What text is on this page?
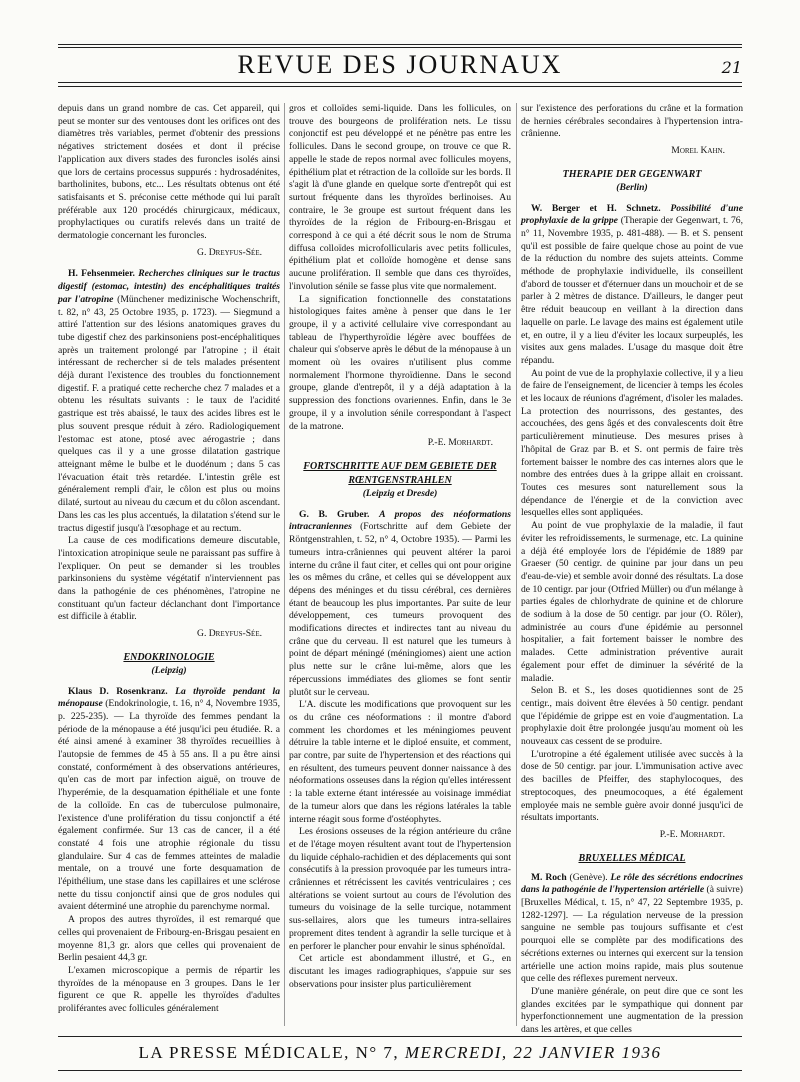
REVUE DES JOURNAUX	21

depuis dans un grand nombre de cas. Cet appareil, qui peut se monter sur des ventouses dont les orifices ont des diamètres très variables, permet d'obtenir des pressions négatives strictement dosées et dont il précise l'application aux divers stades des furoncles isolés ainsi que lors de certains processus suppurés : hydrosadénites, bartholinites, bubons, etc... Les résultats obtenus ont été satisfaisants et S. préconise cette méthode qui lui paraît préférable aux 120 procédés chirurgicaux, médicaux, prophylactiques ou curatifs relevés dans un traité de dermatologie concernant les furoncles.

G. Dreyfus-Sée.

H. Fehsenmeier. Recherches cliniques sur le tractus digestif (estomac, intestin) des encéphalitiques traités par l'atropine (Münchener medizinische Wochenschrift, t. 82, n° 43, 25 Octobre 1935, p. 1723). — Siegmund a attiré l'attention sur des lésions anatomiques graves du tube digestif chez des parkinsoniens post-encéphalitiques après un traitement prolongé par l'atropine ; il était intéressant de rechercher si de tels malades présentent déjà durant l'existence des troubles du fonctionnement digestif. F. a pratiqué cette recherche chez 7 malades et a obtenu les résultats suivants : le taux de l'acidité gastrique est très abaissé, le taux des acides libres est le plus souvent presque réduit à zéro. Radiologiquement l'estomac est atone, ptosé avec aérogastrie ; dans quelques cas il y a une grosse dilatation gastrique atteignant même le bulbe et le duodénum ; dans 5 cas l'évacuation était très retardée. L'intestin grêle est généralement rempli d'air, le côlon est plus ou moins dilaté, surtout au niveau du cæcum et du côlon ascendant. Dans les cas les plus accentués, la dilatation s'étend sur le tractus digestif jusqu'à l'œsophage et au rectum.

La cause de ces modifications demeure discutable, l'intoxication atropinique seule ne paraissant pas suffire à l'expliquer. On peut se demander si les troubles parkinsoniens du système végétatif n'interviennent pas dans la pathogénie de ces phénomènes, l'atropine ne constituant qu'un facteur déclanchant dont l'importance est difficile à établir.

G. Dreyfus-Sée.
ENDOKRINOLOGIE
(Leipzig)

Klaus D. Rosenkranz. La thyroïde pendant la ménopause (Endokrinologie, t. 16, n° 4, Novembre 1935, p. 225-235). — La thyroïde des femmes pendant la période de la ménopause a été jusqu'ici peu étudiée. R. a été ainsi amené à examiner 38 thyroïdes recueillies à l'autopsie de femmes de 45 à 55 ans. Il a pu être ainsi constaté, conformément à des observations antérieures, qu'en cas de mort par infection aiguë, on trouve de l'hyperémie, de la desquamation épithéliale et une fonte de la colloïde. En cas de tuberculose pulmonaire, l'existence d'une prolifération du tissu conjonctif a été également confirmée. Sur 13 cas de cancer, il a été constaté 4 fois une atrophie régionale du tissu glandulaire. Sur 4 cas de femmes atteintes de maladie mentale, on a trouvé une forte desquamation de l'épithélium, une stase dans les capillaires et une sclérose nette du tissu conjonctif ainsi que de gros nodules qui avaient déterminé une atrophie du parenchyme normal.

A propos des autres thyroïdes, il est remarqué que celles qui provenaient de Fribourg-en-Brisgau pesaient en moyenne 81,3 gr. alors que celles qui provenaient de Berlin pesaient 44,3 gr.

L'examen microscopique a permis de répartir les thyroïdes de la ménopause en 3 groupes. Dans le 1er figurent ce que R. appelle les thyroïdes d'adultes proliférantes avec follicules généralement

gros et colloïdes semi-liquide. Dans les follicules, on trouve des bourgeons de prolifération nets. Le tissu conjonctif est peu développé et ne pénètre pas entre les follicules. Dans le second groupe, on trouve ce que R. appelle le stade de repos normal avec follicules moyens, épithélium plat et rétraction de la colloïde sur les bords. Il s'agit là d'une glande en quelque sorte d'entrepôt qui est surtout fréquente dans les thyroïdes berlinoises. Au contraire, le 3e groupe est surtout fréquent dans les thyroïdes de la région de Fribourg-en-Brisgau et correspond à ce qui a été décrit sous le nom de Struma diffusa colloïdes microfollicularis avec petits follicules, épithélium plat et colloïde homogène et dense sans aucune prolifération. Il semble que dans ces thyroïdes, l'involution sénile se fasse plus vite que normalement.

La signification fonctionnelle des constatations histologiques faites amène à penser que dans le 1er groupe, il y a activité cellulaire vive correspondant au tableau de l'hyperthyroïdie légère avec bouffées de chaleur qui s'observe après le début de la ménopause à un moment où les ovaires n'utilisent plus comme normalement l'hormone thyroïdienne. Dans le second groupe, glande d'entrepôt, il y a déjà adaptation à la suppression des fonctions ovariennes. Enfin, dans le 3e groupe, il y a involution sénile correspondant à l'aspect de la matrone.

P.-E. Morhardt.
FORTSCHRITTE AUF DEM GEBIETE DER RŒNTGENSTRAHLEN
(Leipzig et Dresde)

G. B. Gruber. A propos des néoformations intracraniennes (Fortschritte auf dem Gebiete der Röntgenstrahlen, t. 52, n° 4, Octobre 1935). — Parmi les tumeurs intra-crâniennes qui peuvent altérer la paroi interne du crâne il faut citer, et celles qui ont pour origine les os mêmes du crâne, et celles qui se développent aux dépens des méninges et du tissu cérébral, ces dernières étant de beaucoup les plus importantes. Par suite de leur développement, ces tumeurs provoquent des modifications directes et indirectes tant au niveau du crâne que du cerveau. Il est naturel que les tumeurs à point de départ méningé (méningiomes) aient une action plus nette sur le crâne lui-même, alors que les répercussions immédiates des gliomes se font sentir plutôt sur le cerveau.

L'A. discute les modifications que provoquent sur les os du crâne ces néoformations : il montre d'abord comment les chordomes et les méningiomes peuvent détruire la table interne et le diploé ensuite, et comment, par contre, par suite de l'hypertension et des réactions qui en résultent, des tumeurs peuvent donner naissance à des néoformations osseuses dans la région qu'elles intéressent : la table externe étant intéressée au voisinage immédiat de la tumeur alors que dans les régions latérales la table interne réagit sous forme d'ostéophytes.

Les érosions osseuses de la région antérieure du crâne et de l'étage moyen résultent avant tout de l'hypertension du liquide céphalo-rachidien et des déplacements qui sont consécutifs à la pression provoquée par les tumeurs intra-crâniennes et rétrécissent les cavités ventriculaires ; ces altérations se voient surtout au cours de l'évolution des tumeurs du voisinage de la selle turcique, notamment sus-sellaires, alors que les tumeurs intra-sellaires proprement dites tendent à agrandir la selle turcique et à en perforer le plancher pour envahir le sinus sphénoïdal.

Cet article est abondamment illustré, et G., en discutant les images radiographiques, s'appuie sur ses observations pour insister plus particulièrement

sur l'existence des perforations du crâne et la formation de hernies cérébrales secondaires à l'hypertension intra-crânienne.

Morel Kahn.
THERAPIE DER GEGENWART
(Berlin)

W. Berger et H. Schnetz. Possibilité d'une prophylaxie de la grippe (Therapie der Gegenwart, t. 76, n° 11, Novembre 1935, p. 481-488). — B. et S. pensent qu'il est possible de faire quelque chose au point de vue de la réduction du nombre des sujets atteints. Comme méthode de prophylaxie individuelle, ils conseillent d'abord de tousser et d'éternuer dans un mouchoir et de se parler à 2 mètres de distance. D'ailleurs, le danger peut être réduit beaucoup en veillant à la direction dans laquelle on parle. Le lavage des mains est également utile et, en outre, il y a lieu d'éviter les locaux surpeuplés, les visites aux gens malades. L'usage du masque doit être répandu.

Au point de vue de la prophylaxie collective, il y a lieu de faire de l'enseignement, de licencier à temps les écoles et les locaux de réunions d'agrément, d'isoler les malades. La protection des nourrissons, des gestantes, des accouchées, des gens âgés et des convalescents doit être particulièrement minutieuse. Des mesures prises à l'hôpital de Graz par B. et S. ont permis de faire très fortement baisser le nombre des cas internes alors que le nombre des entrées dues à la grippe allait en croissant. Toutes ces mesures sont naturellement sous la dépendance de l'énergie et de la conviction avec lesquelles elles sont appliquées.

Au point de vue prophylaxie de la maladie, il faut éviter les refroidissements, le surmenage, etc. La quinine a déjà été employée lors de l'épidémie de 1889 par Graeser (50 centigr. de quinine par jour dans un peu d'eau-de-vie) et semble avoir donné des résultats. La dose de 10 centigr. par jour (Otfried Müller) ou d'un mélange à parties égales de chlorhydrate de quinine et de chlorure de sodium à la dose de 50 centigr. par jour (O. Röler), administrée au cours d'une épidémie au personnel hospitalier, a fait fortement baisser le nombre des malades. Cette administration préventive aurait également pour effet de diminuer la sévérité de la maladie.

Selon B. et S., les doses quotidiennes sont de 25 centigr., mais doivent être élevées à 50 centigr. pendant que l'épidémie de grippe est en voie d'augmentation. La prophylaxie doit être prolongée jusqu'au moment où les nouveaux cas cessent de se produire.

L'urotropine a été également utilisée avec succès à la dose de 50 centigr. par jour. L'immunisation active avec des bacilles de Pfeiffer, des staphylocoques, des streptocoques, des pneumocoques, a été également employée mais ne semble guère avoir donné jusqu'ici de résultats importants.

P.-E. Morhardt.
BRUXELLES MÉDICAL

M. Roch (Genève). Le rôle des sécrétions endocrines dans la pathogénie de l'hypertension artérielle (à suivre) [Bruxelles Médical, t. 15, n° 47, 22 Septembre 1935, p. 1282-1297]. — La régulation nerveuse de la pression sanguine ne semble pas toujours suffisante et c'est pourquoi elle se complète par des modifications des sécrétions externes ou internes qui exercent sur la tension artérielle une action moins rapide, mais plus soutenue que celle des réflexes purement nerveux.

D'une manière générale, on peut dire que ce sont les glandes excitées par le sympathique qui donnent par hyperfonctionnement une augmentation de la pression dans les artères, et que celles

LA PRESSE MÉDICALE, N° 7, MERCREDI, 22 JANVIER 1936
